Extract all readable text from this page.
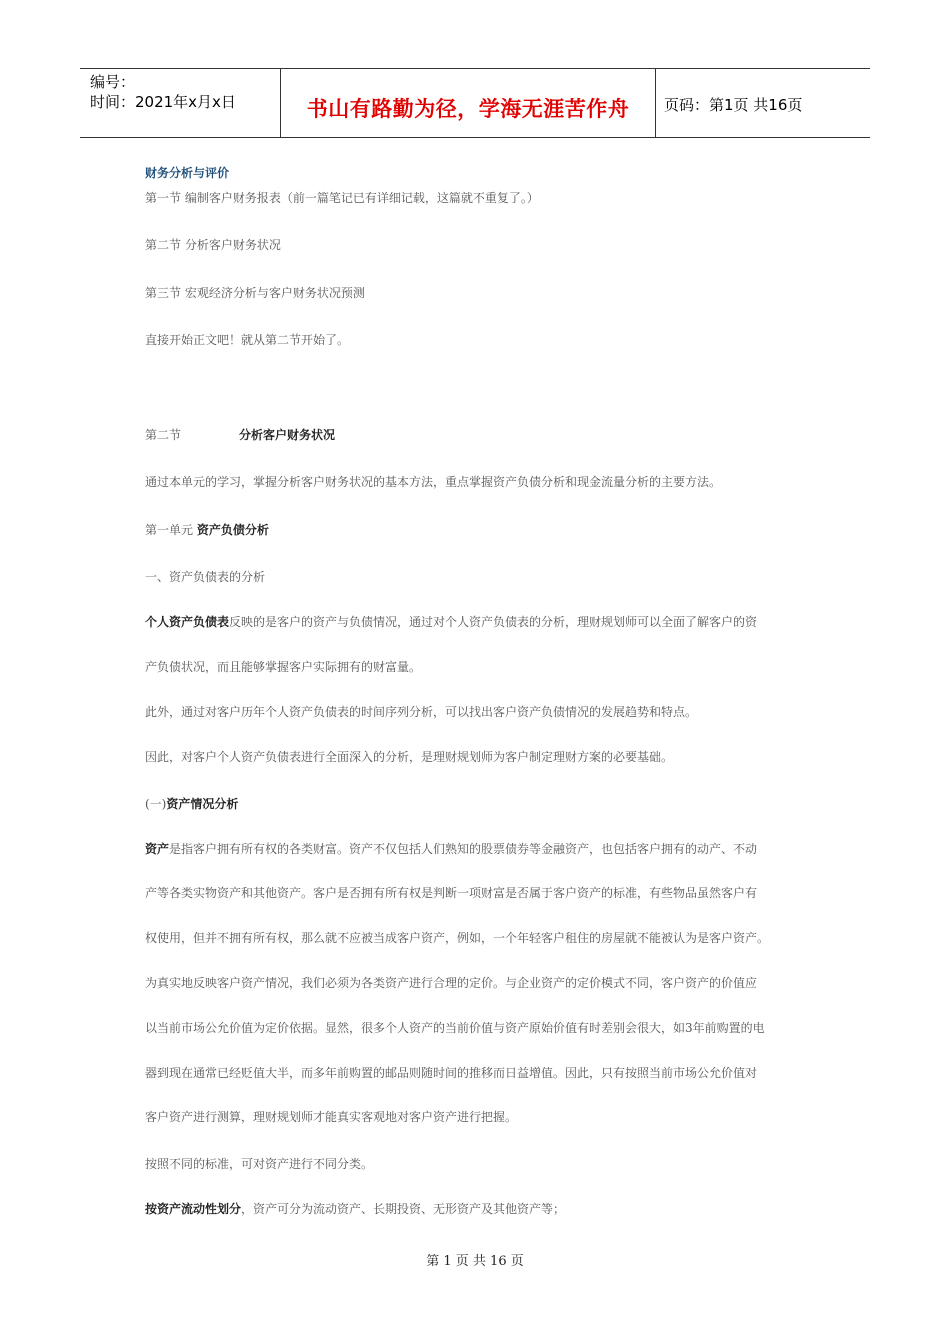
编号：
时间：2021年x月x日	书山有路勤为径，学海无涯苦作舟	页码：第1页 共16页
财务分析与评价
第一节 编制客户财务报表（前一篇笔记已有详细记载，这篇就不重复了。）
第二节 分析客户财务状况
第三节 宏观经济分析与客户财务状况预测
直接开始正文吧！就从第二节开始了。
第二节	分析客户财务状况
通过本单元的学习，掌握分析客户财务状况的基本方法，重点掌握资产负债分析和现金流量分析的主要方法。
第一单元 资产负债分析
一、资产负债表的分析
个人资产负债表反映的是客户的资产与负债情况，通过对个人资产负债表的分析，理财规划师可以全面了解客户的资
产负债状况，而且能够掌握客户实际拥有的财富量。
此外，通过对客户历年个人资产负债表的时间序列分析，可以找出客户资产负债情况的发展趋势和特点。
因此，对客户个人资产负债表进行全面深入的分析，是理财规划师为客户制定理财方案的必要基础。
(一)资产情况分析
资产是指客户拥有所有权的各类财富。资产不仅包括人们熟知的股票债券等金融资产，也包括客户拥有的动产、不动
产等各类实物资产和其他资产。客户是否拥有所有权是判断一项财富是否属于客户资产的标准，有些物品虽然客户有
权使用，但并不拥有所有权，那么就不应被当成客户资产，例如，一个年轻客户租住的房屋就不能被认为是客户资产。
为真实地反映客户资产情况，我们必须为各类资产进行合理的定价。与企业资产的定价模式不同，客户资产的价值应
以当前市场公允价值为定价依据。显然，很多个人资产的当前价值与资产原始价值有时差别会很大，如3年前购置的电
器到现在通常已经贬值大半，而多年前购置的邮品则随时间的推移而日益增值。因此，只有按照当前市场公允价值对
客户资产进行测算，理财规划师才能真实客观地对客户资产进行把握。
按照不同的标准，可对资产进行不同分类。
按资产流动性划分，资产可分为流动资产、长期投资、无形资产及其他资产等；
第 1 页 共 16 页
